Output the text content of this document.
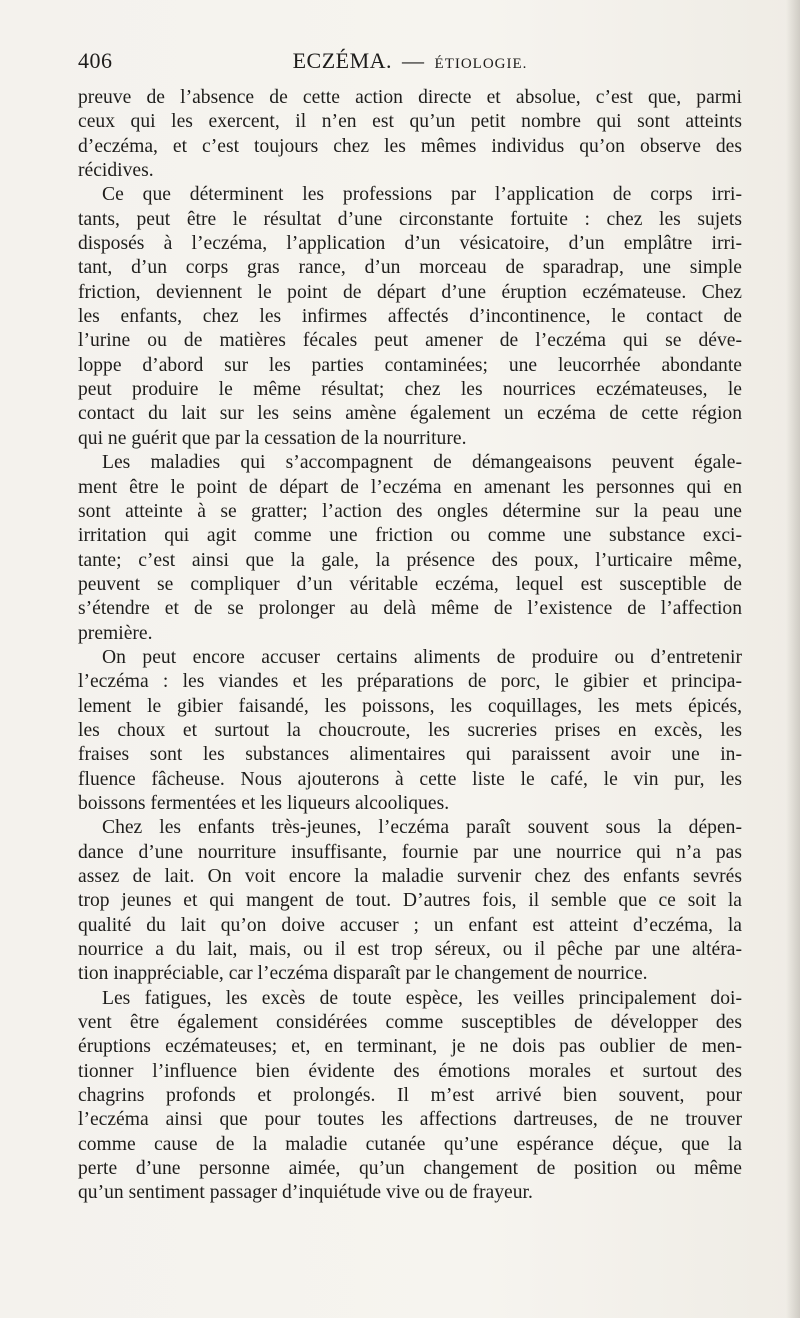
406	ECZÉMA. — ÉTIOLOGIE.
preuve de l’absence de cette action directe et absolue, c’est que, parmi
ceux qui les exercent, il n’en est qu’un petit nombre qui sont atteints
d’eczéma, et c’est toujours chez les mêmes individus qu’on observe des
récidives.
Ce que déterminent les professions par l’application de corps irri-
tants, peut être le résultat d’une circonstante fortuite : chez les sujets
disposés à l’eczéma, l’application d’un vésicatoire, d’un emplâtre irri-
tant, d’un corps gras rance, d’un morceau de sparadrap, une simple
friction, deviennent le point de départ d’une éruption eczémateuse. Chez
les enfants, chez les infirmes affectés d’incontinence, le contact de
l’urine ou de matières fécales peut amener de l’eczéma qui se déve-
loppe d’abord sur les parties contaminées; une leucorrhée abondante
peut produire le même résultat; chez les nourrices eczémateuses, le
contact du lait sur les seins amène également un eczéma de cette région
qui ne guérit que par la cessation de la nourriture.
Les maladies qui s’accompagnent de démangeaisons peuvent égale-
ment être le point de départ de l’eczéma en amenant les personnes qui en
sont atteinte à se gratter; l’action des ongles détermine sur la peau une
irritation qui agit comme une friction ou comme une substance exci-
tante; c’est ainsi que la gale, la présence des poux, l’urticaire même,
peuvent se compliquer d’un véritable eczéma, lequel est susceptible de
s’étendre et de se prolonger au delà même de l’existence de l’affection
première.
On peut encore accuser certains aliments de produire ou d’entretenir
l’eczéma : les viandes et les préparations de porc, le gibier et principa-
lement le gibier faisandé, les poissons, les coquillages, les mets épicés,
les choux et surtout la choucroute, les sucreries prises en excès, les
fraises sont les substances alimentaires qui paraissent avoir une in-
fluence fâcheuse. Nous ajouterons à cette liste le café, le vin pur, les
boissons fermentées et les liqueurs alcooliques.
Chez les enfants très-jeunes, l’eczéma paraît souvent sous la dépen-
dance d’une nourriture insuffisante, fournie par une nourrice qui n’a pas
assez de lait. On voit encore la maladie survenir chez des enfants sevrés
trop jeunes et qui mangent de tout. D’autres fois, il semble que ce soit la
qualité du lait qu’on doive accuser ; un enfant est atteint d’eczéma, la
nourrice a du lait, mais, ou il est trop séreux, ou il pêche par une altéra-
tion inappréciable, car l’eczéma disparaît par le changement de nourrice.
Les fatigues, les excès de toute espèce, les veilles principalement doi-
vent être également considérées comme susceptibles de développer des
éruptions eczémateuses; et, en terminant, je ne dois pas oublier de men-
tionner l’influence bien évidente des émotions morales et surtout des
chagrins profonds et prolongés. Il m’est arrivé bien souvent, pour
l’eczéma ainsi que pour toutes les affections dartreuses, de ne trouver
comme cause de la maladie cutanée qu’une espérance déçue, que la
perte d’une personne aimée, qu’un changement de position ou même
qu’un sentiment passager d’inquiétude vive ou de frayeur.
